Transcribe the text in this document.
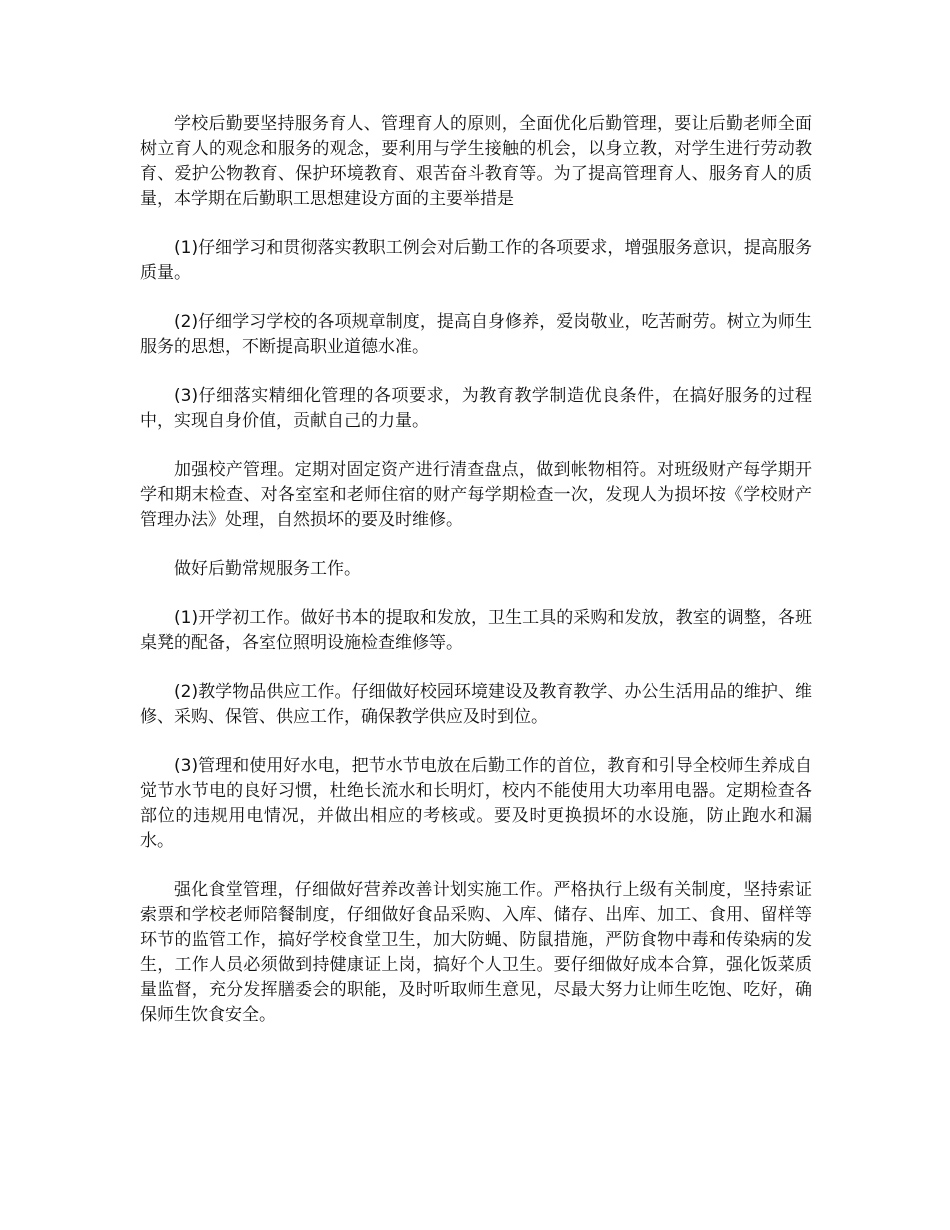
学校后勤要坚持服务育人、管理育人的原则，全面优化后勤管理，要让后勤老师全面树立育人的观念和服务的观念，要利用与学生接触的机会，以身立教，对学生进行劳动教育、爱护公物教育、保护环境教育、艰苦奋斗教育等。为了提高管理育人、服务育人的质量，本学期在后勤职工思想建设方面的主要举措是

(1)仔细学习和贯彻落实教职工例会对后勤工作的各项要求，增强服务意识，提高服务质量。

(2)仔细学习学校的各项规章制度，提高自身修养，爱岗敬业，吃苦耐劳。树立为师生服务的思想，不断提高职业道德水准。

(3)仔细落实精细化管理的各项要求，为教育教学制造优良条件，在搞好服务的过程中，实现自身价值，贡献自己的力量。

加强校产管理。定期对固定资产进行清查盘点，做到帐物相符。对班级财产每学期开学和期末检查、对各室室和老师住宿的财产每学期检查一次，发现人为损坏按《学校财产管理办法》处理，自然损坏的要及时维修。

做好后勤常规服务工作。

(1)开学初工作。做好书本的提取和发放，卫生工具的采购和发放，教室的调整，各班桌凳的配备，各室位照明设施检查维修等。

(2)教学物品供应工作。仔细做好校园环境建设及教育教学、办公生活用品的维护、维修、采购、保管、供应工作，确保教学供应及时到位。

(3)管理和使用好水电，把节水节电放在后勤工作的首位，教育和引导全校师生养成自觉节水节电的良好习惯，杜绝长流水和长明灯，校内不能使用大功率用电器。定期检查各部位的违规用电情况，并做出相应的考核或。要及时更换损坏的水设施，防止跑水和漏水。

强化食堂管理，仔细做好营养改善计划实施工作。严格执行上级有关制度，坚持索证索票和学校老师陪餐制度，仔细做好食品采购、入库、储存、出库、加工、食用、留样等环节的监管工作，搞好学校食堂卫生，加大防蝇、防鼠措施，严防食物中毒和传染病的发生，工作人员必须做到持健康证上岗，搞好个人卫生。要仔细做好成本合算，强化饭菜质量监督，充分发挥膳委会的职能，及时听取师生意见，尽最大努力让师生吃饱、吃好，确保师生饮食安全。
